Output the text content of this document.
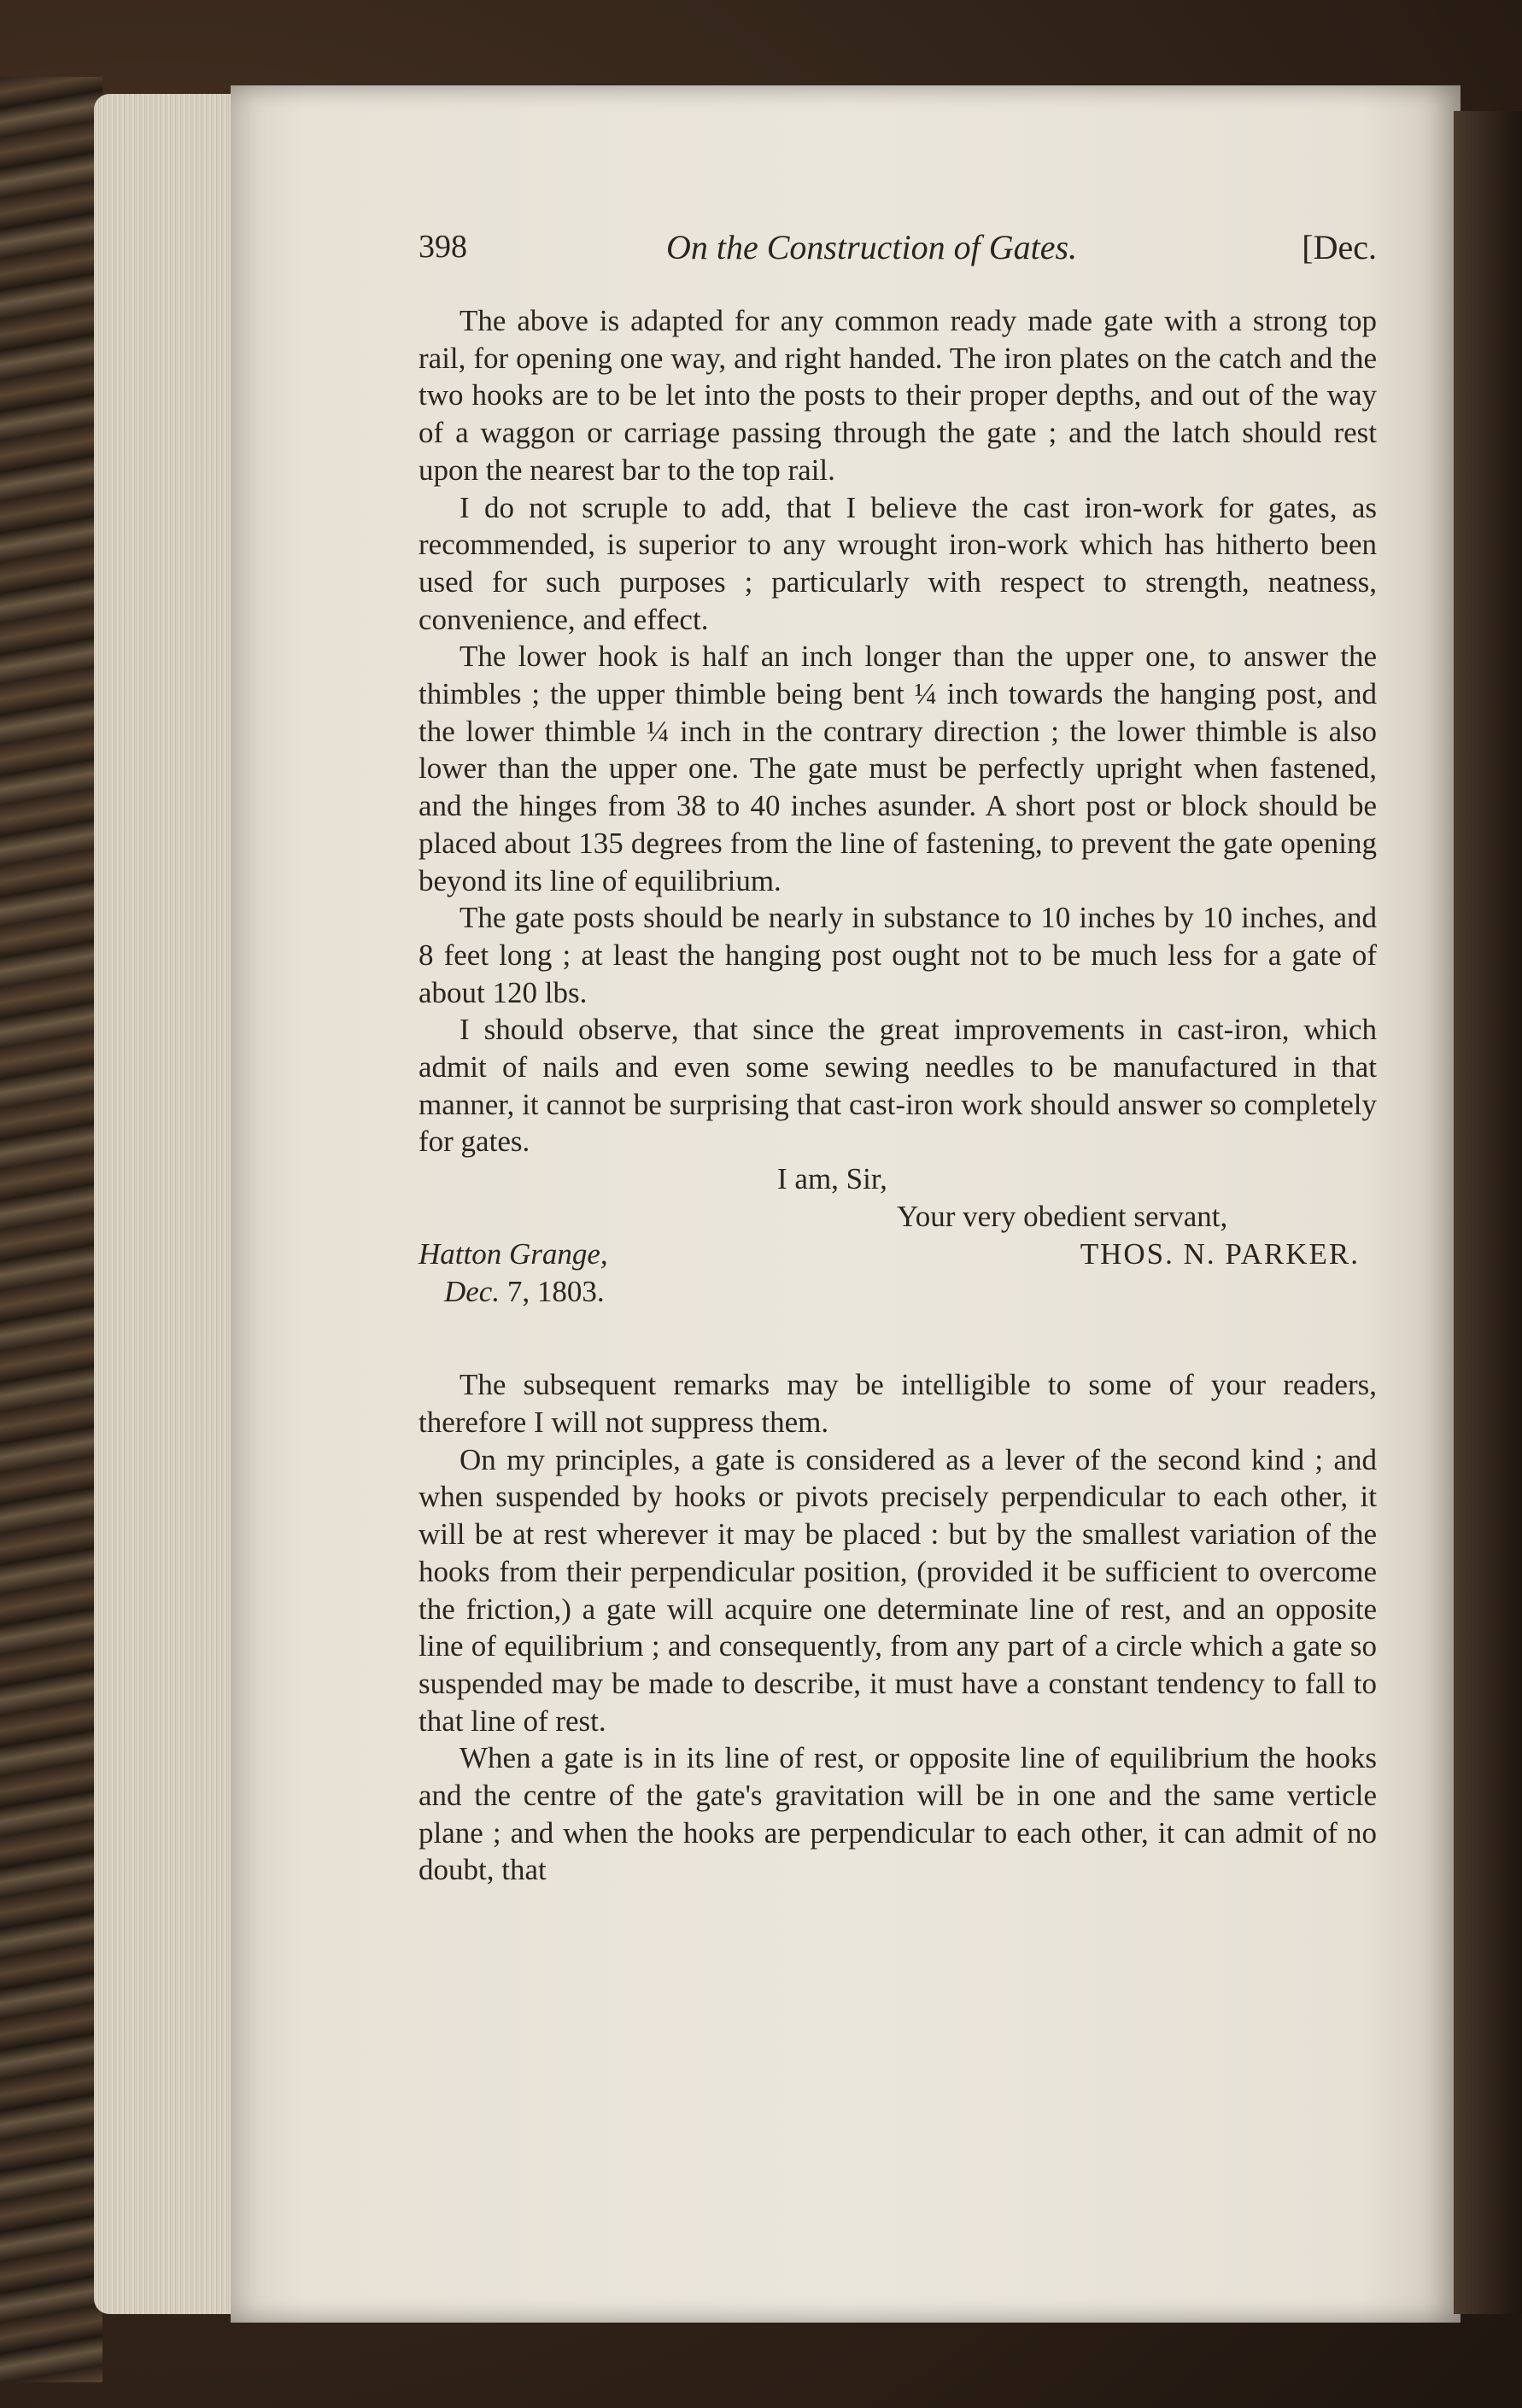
398	On the Construction of Gates.	[Dec.

The above is adapted for any common ready made gate with a strong top rail, for opening one way, and right handed. The iron plates on the catch and the two hooks are to be let into the posts to their proper depths, and out of the way of a waggon or carriage passing through the gate ; and the latch should rest upon the nearest bar to the top rail.

I do not scruple to add, that I believe the cast iron-work for gates, as recommended, is superior to any wrought iron-work which has hitherto been used for such purposes ; particularly with respect to strength, neatness, convenience, and effect.

The lower hook is half an inch longer than the upper one, to answer the thimbles ; the upper thimble being bent ¼ inch towards the hanging post, and the lower thimble ¼ inch in the contrary direction ; the lower thimble is also lower than the upper one. The gate must be perfectly upright when fastened, and the hinges from 38 to 40 inches asunder. A short post or block should be placed about 135 degrees from the line of fastening, to prevent the gate opening beyond its line of equilibrium.

The gate posts should be nearly in substance to 10 inches by 10 inches, and 8 feet long ; at least the hanging post ought not to be much less for a gate of about 120 lbs.

I should observe, that since the great improvements in cast-iron, which admit of nails and even some sewing needles to be manufactured in that manner, it cannot be surprising that cast-iron work should answer so completely for gates.

I am, Sir,
Your very obedient servant,
Hatton Grange,	THOS. N. PARKER.
Dec. 7, 1803.

The subsequent remarks may be intelligible to some of your readers, therefore I will not suppress them.

On my principles, a gate is considered as a lever of the second kind ; and when suspended by hooks or pivots precisely perpendicular to each other, it will be at rest wherever it may be placed : but by the smallest variation of the hooks from their perpendicular position, (provided it be sufficient to overcome the friction,) a gate will acquire one determinate line of rest, and an opposite line of equilibrium ; and consequently, from any part of a circle which a gate so suspended may be made to describe, it must have a constant tendency to fall to that line of rest.

When a gate is in its line of rest, or opposite line of equilibrium the hooks and the centre of the gate's gravitation will be in one and the same verticle plane ; and when the hooks are perpendicular to each other, it can admit of no doubt, that
